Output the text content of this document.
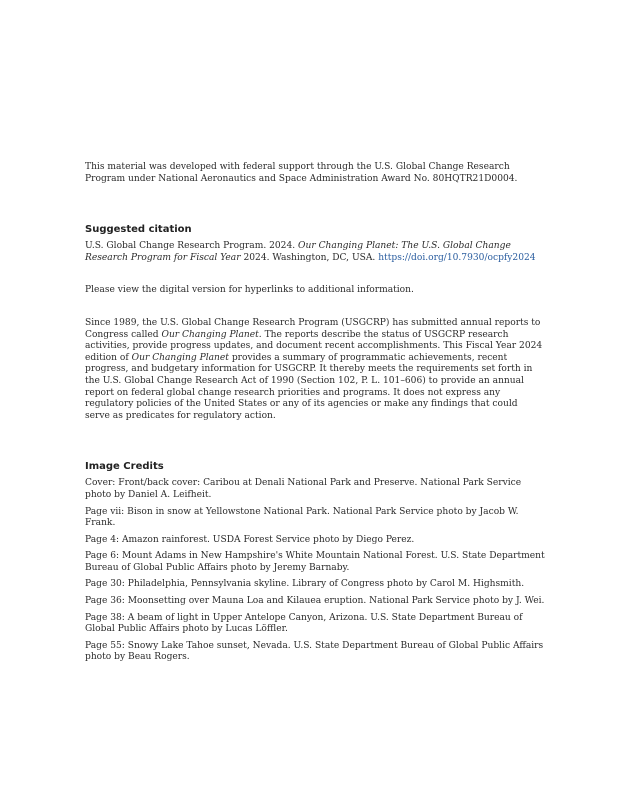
This material was developed with federal support through the U.S. Global Change Research Program under National Aeronautics and Space Administration Award No. 80HQTR21D0004.

Suggested citation

U.S. Global Change Research Program. 2024. Our Changing Planet: The U.S. Global Change Research Program for Fiscal Year 2024. Washington, DC, USA. https://doi.org/10.7930/ocpfy2024

Please view the digital version for hyperlinks to additional information.

Since 1989, the U.S. Global Change Research Program (USGCRP) has submitted annual reports to Congress called Our Changing Planet. The reports describe the status of USGCRP research activities, provide progress updates, and document recent accomplishments. This Fiscal Year 2024 edition of Our Changing Planet provides a summary of programmatic achievements, recent progress, and budgetary information for USGCRP. It thereby meets the requirements set forth in the U.S. Global Change Research Act of 1990 (Section 102, P. L. 101–606) to provide an annual report on federal global change research priorities and programs. It does not express any regulatory policies of the United States or any of its agencies or make any findings that could serve as predicates for regulatory action.

Image Credits

Cover: Front/back cover: Caribou at Denali National Park and Preserve. National Park Service photo by Daniel A. Leifheit.

Page vii: Bison in snow at Yellowstone National Park. National Park Service photo by Jacob W. Frank.

Page 4: Amazon rainforest. USDA Forest Service photo by Diego Perez.

Page 6: Mount Adams in New Hampshire's White Mountain National Forest. U.S. State Department Bureau of Global Public Affairs photo by Jeremy Barnaby.

Page 30: Philadelphia, Pennsylvania skyline. Library of Congress photo by Carol M. Highsmith.

Page 36: Moonsetting over Mauna Loa and Kilauea eruption. National Park Service photo by J. Wei.

Page 38: A beam of light in Upper Antelope Canyon, Arizona. U.S. State Department Bureau of Global Public Affairs photo by Lucas Löffler.

Page 55: Snowy Lake Tahoe sunset, Nevada. U.S. State Department Bureau of Global Public Affairs photo by Beau Rogers.
